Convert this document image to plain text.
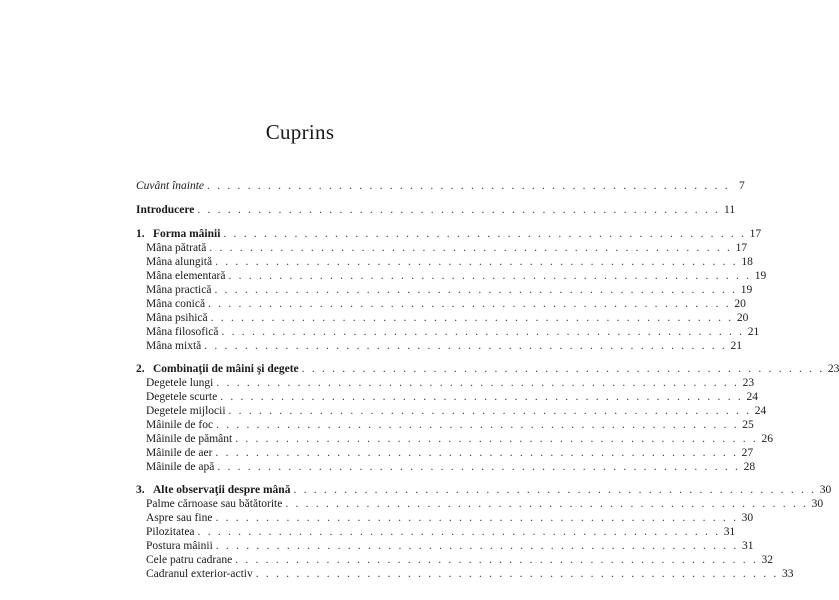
Cuprins
Cuvânt înainte . . . . . . . . . . . . . . . . . . . . . . . . . . . . . . . . . . . . . . . . . . . . . . . . . . . . 7
Introducere . . . . . . . . . . . . . . . . . . . . . . . . . . . . . . . . . . . . . . . . . . . . . . . . . . . . 11
1. Forma mâinii . . . . . . . . . . . . . . . . . . . . . . . . . . . . . . . . . . . . . . . . . . . . . . . . . . . . 17
Mâna pătrată . . . . . . . . . . . . . . . . . . . . . . . . . . . . . . . . . . . . . . . . . . . . . . . . . . . . 17
Mâna alungită . . . . . . . . . . . . . . . . . . . . . . . . . . . . . . . . . . . . . . . . . . . . . . . . . . . . 18
Mâna elementară . . . . . . . . . . . . . . . . . . . . . . . . . . . . . . . . . . . . . . . . . . . . . . . . . . . . 19
Mâna practică . . . . . . . . . . . . . . . . . . . . . . . . . . . . . . . . . . . . . . . . . . . . . . . . . . . . 19
Mâna conică . . . . . . . . . . . . . . . . . . . . . . . . . . . . . . . . . . . . . . . . . . . . . . . . . . . . 20
Mâna psihică . . . . . . . . . . . . . . . . . . . . . . . . . . . . . . . . . . . . . . . . . . . . . . . . . . . . 20
Mâna filosofică . . . . . . . . . . . . . . . . . . . . . . . . . . . . . . . . . . . . . . . . . . . . . . . . . . . . 21
Mâna mixtă . . . . . . . . . . . . . . . . . . . . . . . . . . . . . . . . . . . . . . . . . . . . . . . . . . . . 21
2. Combinaţii de mâini şi degete . . . . . . . . . . . . . . . . . . . . . . . . . . . . . . . . . . . . . . . . . . . . . . . . . . . . 23
Degetele lungi . . . . . . . . . . . . . . . . . . . . . . . . . . . . . . . . . . . . . . . . . . . . . . . . . . . . 23
Degetele scurte . . . . . . . . . . . . . . . . . . . . . . . . . . . . . . . . . . . . . . . . . . . . . . . . . . . . 24
Degetele mijlocii . . . . . . . . . . . . . . . . . . . . . . . . . . . . . . . . . . . . . . . . . . . . . . . . . . . . 24
Mâinile de foc . . . . . . . . . . . . . . . . . . . . . . . . . . . . . . . . . . . . . . . . . . . . . . . . . . . . 25
Mâinile de pământ . . . . . . . . . . . . . . . . . . . . . . . . . . . . . . . . . . . . . . . . . . . . . . . . . . . . 26
Mâinile de aer . . . . . . . . . . . . . . . . . . . . . . . . . . . . . . . . . . . . . . . . . . . . . . . . . . . . 27
Mâinile de apă . . . . . . . . . . . . . . . . . . . . . . . . . . . . . . . . . . . . . . . . . . . . . . . . . . . . 28
3. Alte observaţii despre mână . . . . . . . . . . . . . . . . . . . . . . . . . . . . . . . . . . . . . . . . . . . . . . . . . . . . 30
Palme cărnoase sau bătătorite . . . . . . . . . . . . . . . . . . . . . . . . . . . . . . . . . . . . . . . . . . . . . . . . . . . . 30
Aspre sau fine . . . . . . . . . . . . . . . . . . . . . . . . . . . . . . . . . . . . . . . . . . . . . . . . . . . . 30
Pilozitatea . . . . . . . . . . . . . . . . . . . . . . . . . . . . . . . . . . . . . . . . . . . . . . . . . . . . 31
Postura mâinii . . . . . . . . . . . . . . . . . . . . . . . . . . . . . . . . . . . . . . . . . . . . . . . . . . . . 31
Cele patru cadrane . . . . . . . . . . . . . . . . . . . . . . . . . . . . . . . . . . . . . . . . . . . . . . . . . . . . 32
Cadranul exterior-activ . . . . . . . . . . . . . . . . . . . . . . . . . . . . . . . . . . . . . . . . . . . . . . . . . . . . 33
